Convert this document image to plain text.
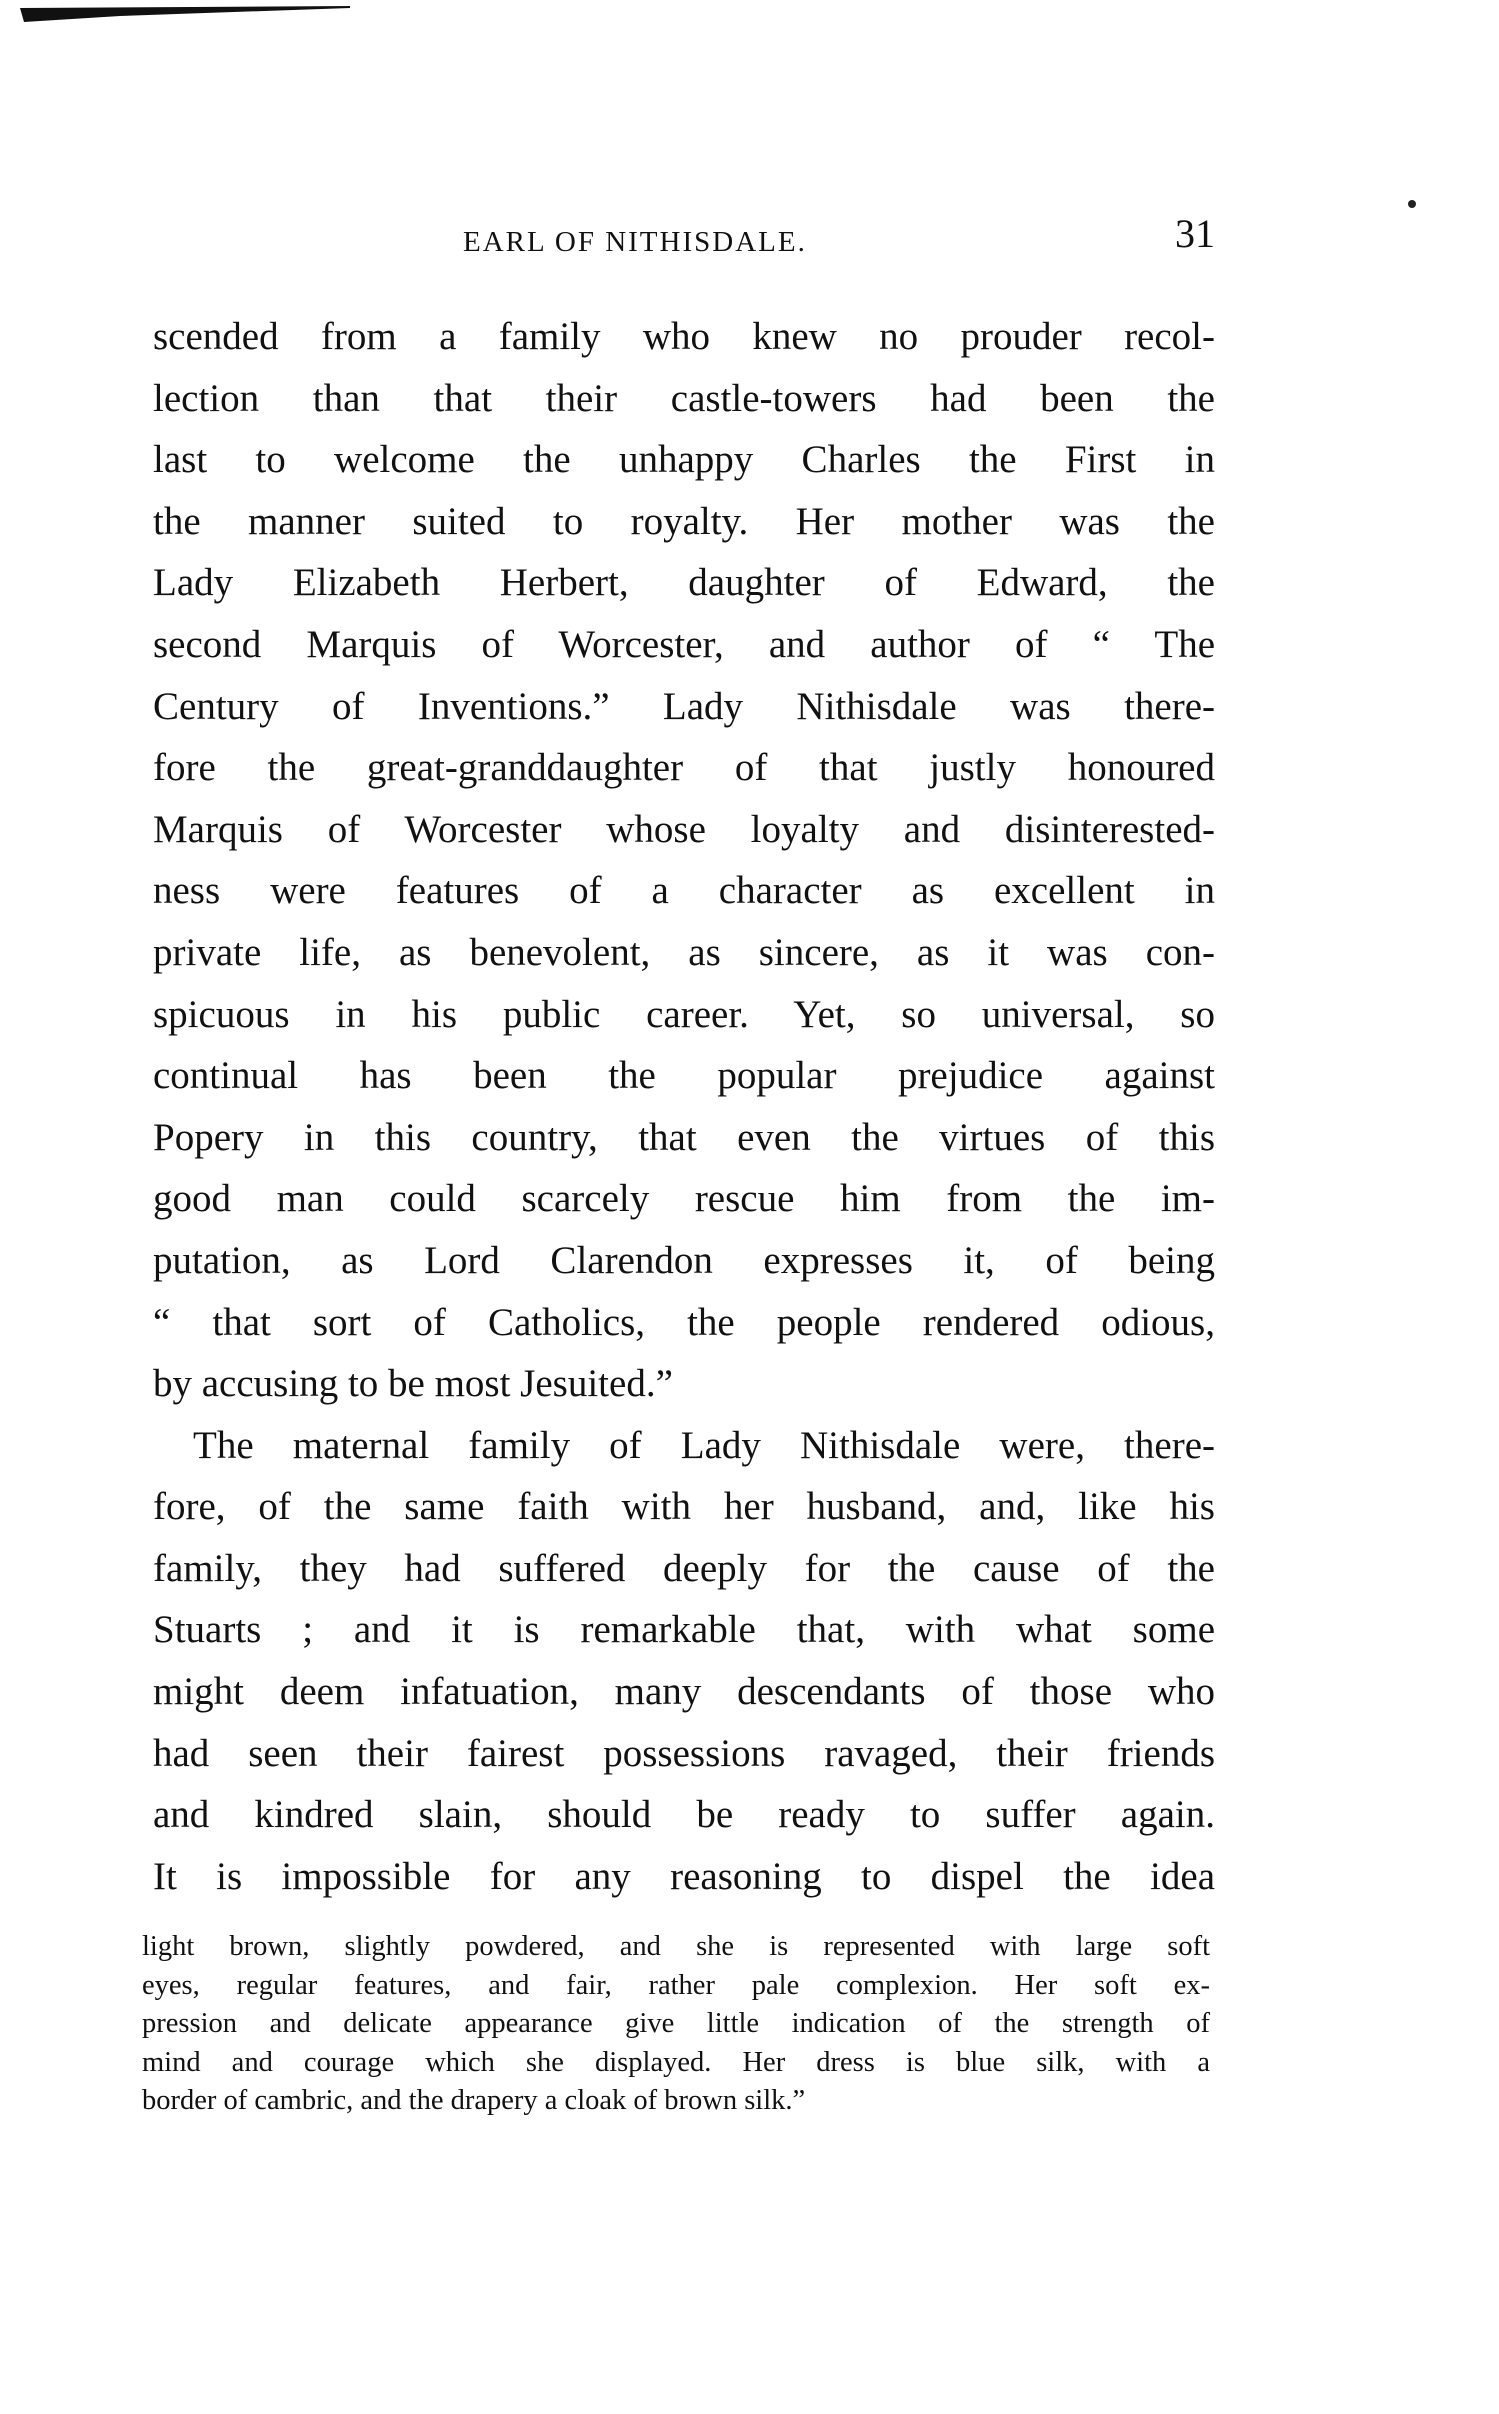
EARL OF NITHISDALE.	31
scended from a family who knew no prouder recol-
lection than that their castle-towers had been the
last to welcome the unhappy Charles the First in
the manner suited to royalty. Her mother was the
Lady Elizabeth Herbert, daughter of Edward, the
second Marquis of Worcester, and author of “ The
Century of Inventions.” Lady Nithisdale was there-
fore the great-granddaughter of that justly honoured
Marquis of Worcester whose loyalty and disinterested-
ness were features of a character as excellent in
private life, as benevolent, as sincere, as it was con-
spicuous in his public career. Yet, so universal, so
continual has been the popular prejudice against
Popery in this country, that even the virtues of this
good man could scarcely rescue him from the im-
putation, as Lord Clarendon expresses it, of being
“ that sort of Catholics, the people rendered odious,
by accusing to be most Jesuited.”
The maternal family of Lady Nithisdale were, there-
fore, of the same faith with her husband, and, like his
family, they had suffered deeply for the cause of the
Stuarts ; and it is remarkable that, with what some
might deem infatuation, many descendants of those who
had seen their fairest possessions ravaged, their friends
and kindred slain, should be ready to suffer again.
It is impossible for any reasoning to dispel the idea
light brown, slightly powdered, and she is represented with large soft
eyes, regular features, and fair, rather pale complexion. Her soft ex-
pression and delicate appearance give little indication of the strength of
mind and courage which she displayed. Her dress is blue silk, with a
border of cambric, and the drapery a cloak of brown silk.”
